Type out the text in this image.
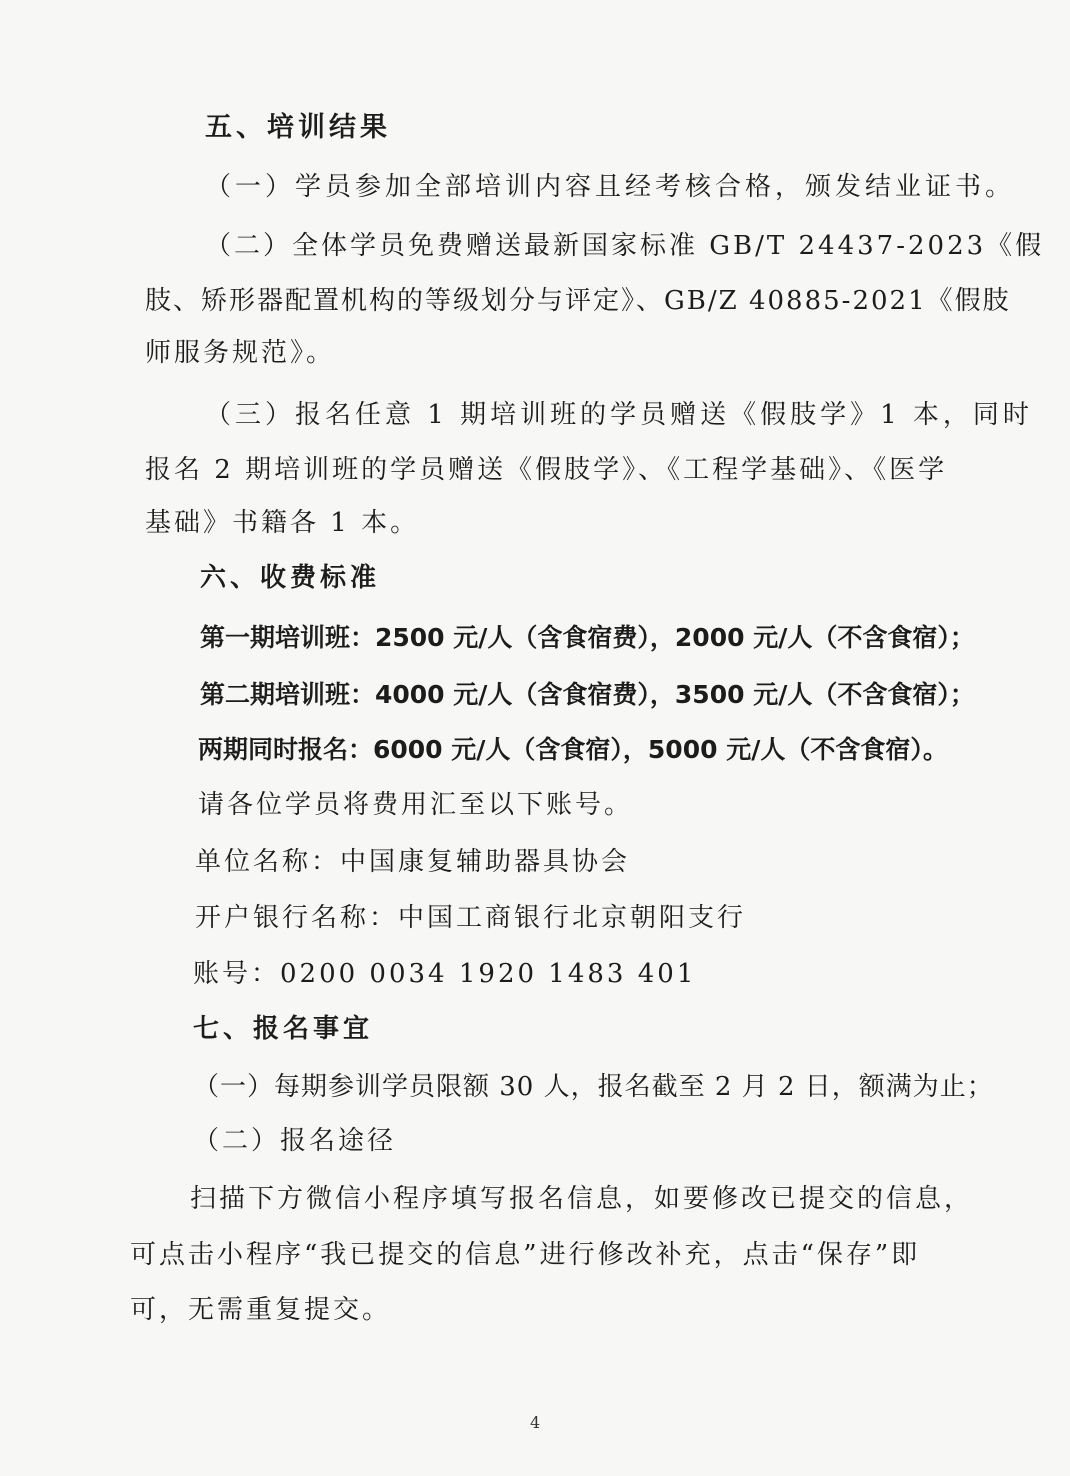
五、培训结果
（一）学员参加全部培训内容且经考核合格，颁发结业证书。
（二）全体学员免费赠送最新国家标准 GB/T 24437-2023《假
肢、矫形器配置机构的等级划分与评定》、GB/Z 40885-2021《假肢
师服务规范》。
（三）报名任意 1 期培训班的学员赠送《假肢学》1 本，同时
报名 2 期培训班的学员赠送《假肢学》、《工程学基础》、《医学
基础》书籍各 1 本。
六、收费标准
第一期培训班：2500 元/人（含食宿费），2000 元/人（不含食宿）；
第二期培训班：4000 元/人（含食宿费），3500 元/人（不含食宿）；
两期同时报名：6000 元/人（含食宿），5000 元/人（不含食宿）。
请各位学员将费用汇至以下账号。
单位名称：中国康复辅助器具协会
开户银行名称：中国工商银行北京朝阳支行
账号：0200 0034 1920 1483 401
七、报名事宜
（一）每期参训学员限额 30 人，报名截至 2 月 2 日，额满为止；
（二）报名途径
扫描下方微信小程序填写报名信息，如要修改已提交的信息，
可点击小程序“我已提交的信息”进行修改补充，点击“保存”即
可，无需重复提交。
4
